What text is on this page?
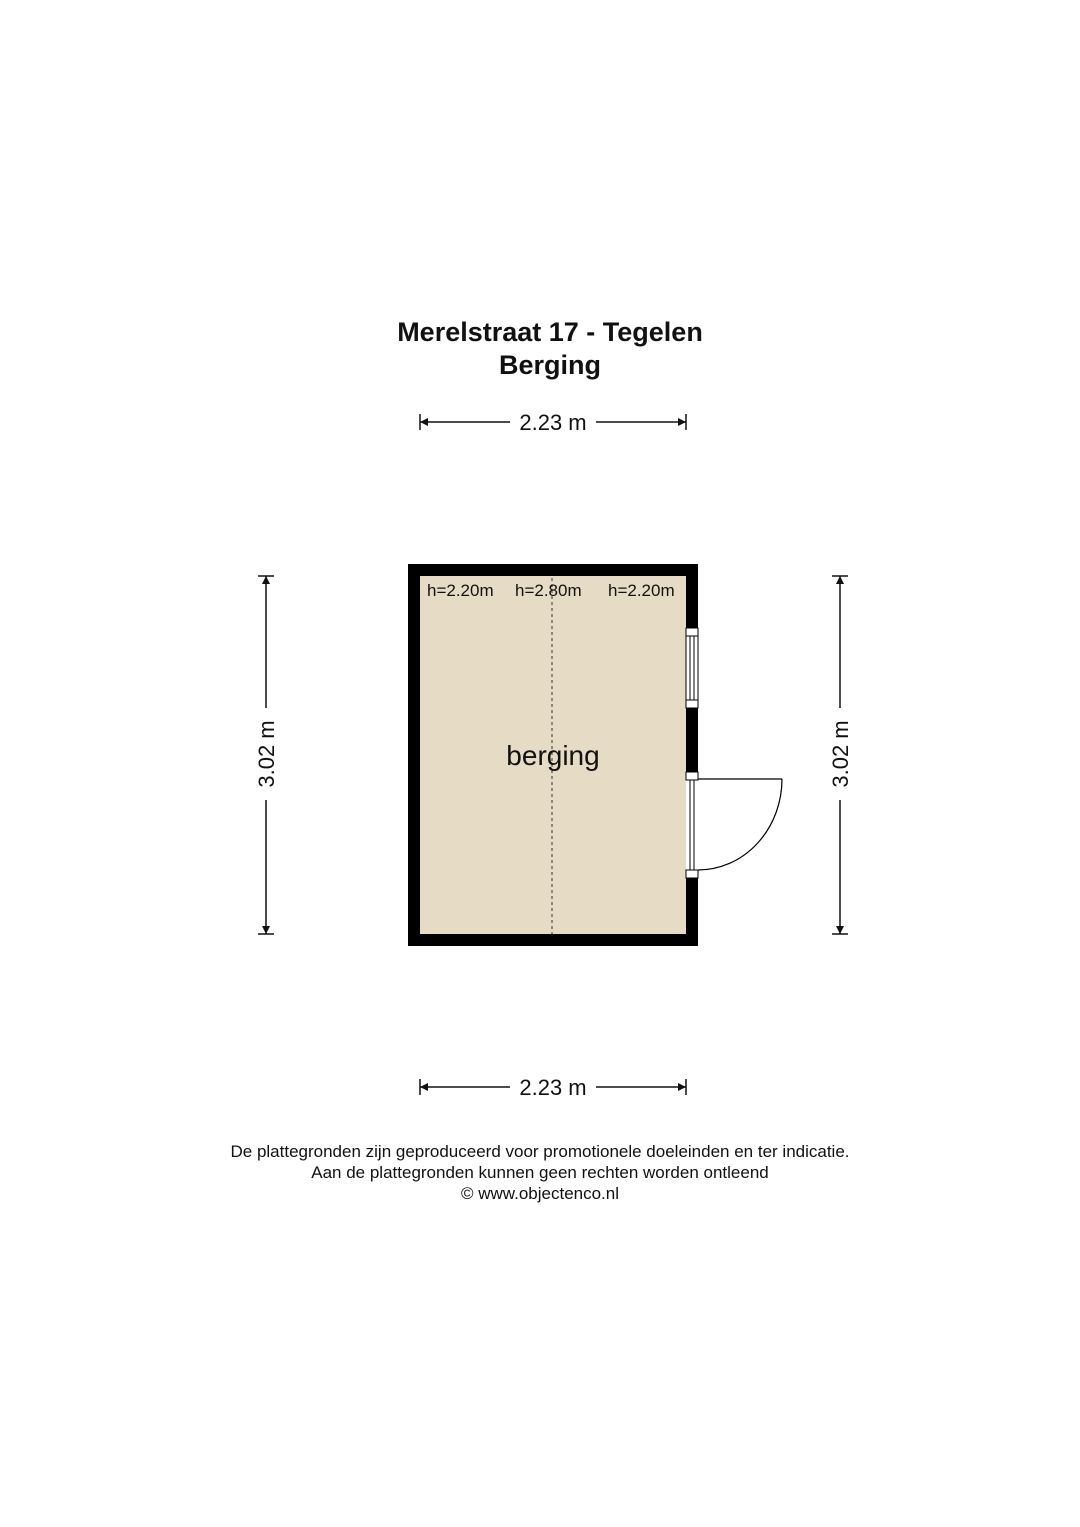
Merelstraat 17 - Tegelen
Berging
2.23 m
2.23 m
3.02 m	3.02 m
h=2.20m h=2.80m h=2.20m
berging
De plattegronden zijn geproduceerd voor promotionele doeleinden en ter indicatie.
Aan de plattegronden kunnen geen rechten worden ontleend
© www.objectenco.nl
